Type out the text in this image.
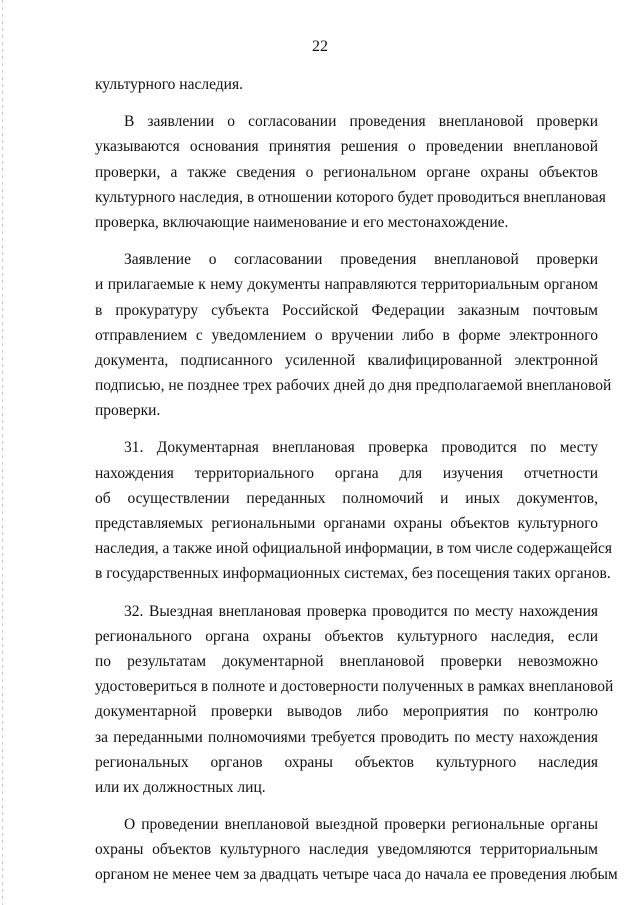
22
культурного наследия.
В заявлении о согласовании проведения внеплановой проверки
указываются основания принятия решения о проведении внеплановой
проверки, а также сведения о региональном органе охраны объектов
культурного наследия, в отношении которого будет проводиться внеплановая
проверка, включающие наименование и его местонахождение.
Заявление о согласовании проведения внеплановой проверки
и прилагаемые к нему документы направляются территориальным органом
в прокуратуру субъекта Российской Федерации заказным почтовым
отправлением с уведомлением о вручении либо в форме электронного
документа, подписанного усиленной квалифицированной электронной
подписью, не позднее трех рабочих дней до дня предполагаемой внеплановой
проверки.
31. Документарная внеплановая проверка проводится по месту
нахождения территориального органа для изучения отчетности
об осуществлении переданных полномочий и иных документов,
представляемых региональными органами охраны объектов культурного
наследия, а также иной официальной информации, в том числе содержащейся
в государственных информационных системах, без посещения таких органов.
32. Выездная внеплановая проверка проводится по месту нахождения
регионального органа охраны объектов культурного наследия, если
по результатам документарной внеплановой проверки невозможно
удостовериться в полноте и достоверности полученных в рамках внеплановой
документарной проверки выводов либо мероприятия по контролю
за переданными полномочиями требуется проводить по месту нахождения
региональных органов охраны объектов культурного наследия
или их должностных лиц.
О проведении внеплановой выездной проверки региональные органы
охраны объектов культурного наследия уведомляются территориальным
органом не менее чем за двадцать четыре часа до начала ее проведения любым
